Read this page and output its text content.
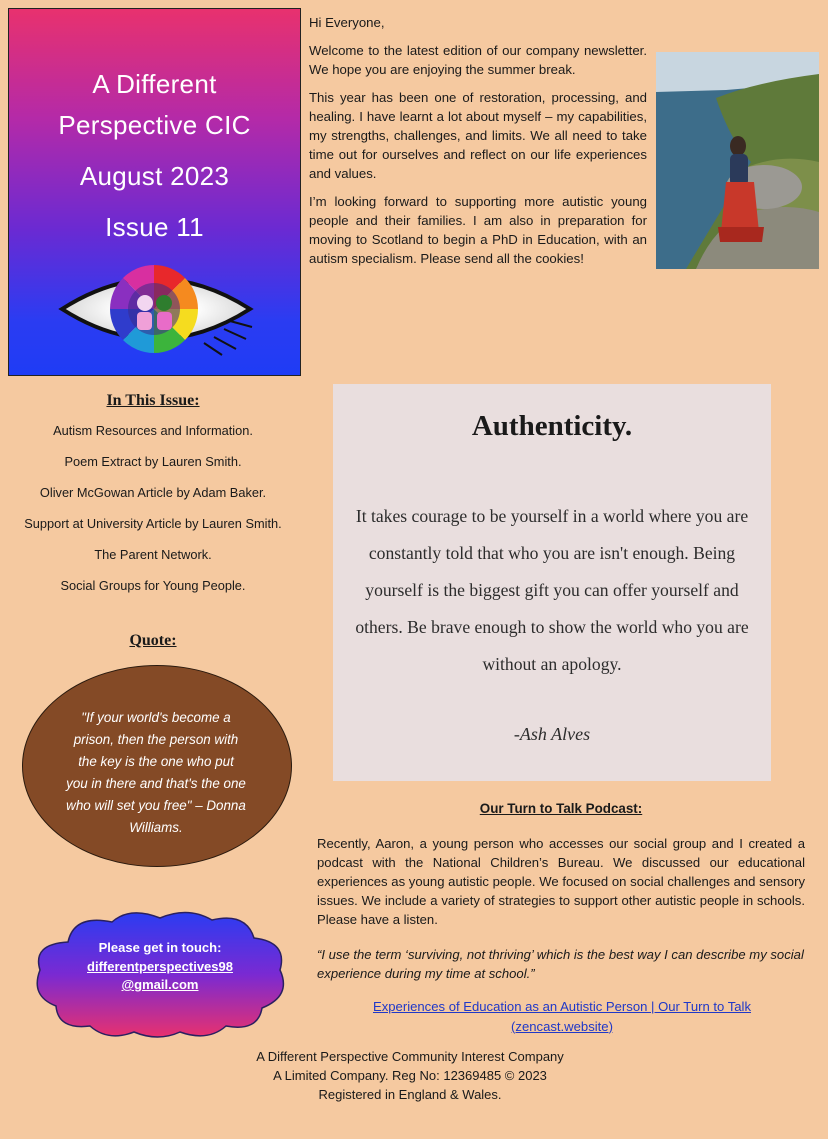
A Different
Perspective CIC
August 2023
Issue 11

Hi Everyone,

Welcome to the latest edition of our company newsletter. We hope you are enjoying the summer break.

This year has been one of restoration, processing, and healing. I have learnt a lot about myself – my capabilities, my strengths, challenges, and limits. We all need to take time out for ourselves and reflect on our life experiences and values.

I’m looking forward to supporting more autistic young people and their families. I am also in preparation for moving to Scotland to begin a PhD in Education, with an autism specialism. Please send all the cookies!

In This Issue:
Autism Resources and Information.
Poem Extract by Lauren Smith.
Oliver McGowan Article by Adam Baker.
Support at University Article by Lauren Smith.
The Parent Network.
Social Groups for Young People.
Quote:
"If your world's become a prison, then the person with the key is the one who put you in there and that's the one who will set you free" – Donna Williams.
Please get in touch:
differentperspectives98
@gmail.com
Authenticity.
It takes courage to be yourself in a world where you are constantly told that who you are isn't enough. Being yourself is the biggest gift you can offer yourself and others. Be brave enough to show the world who you are without an apology.
-Ash Alves
Our Turn to Talk Podcast:
Recently, Aaron, a young person who accesses our social group and I created a podcast with the National Children’s Bureau. We discussed our educational experiences as young autistic people. We focused on social challenges and sensory issues. We include a variety of strategies to support other autistic people in schools. Please have a listen.
“I use the term ‘surviving, not thriving’ which is the best way I can describe my social experience during my time at school.”
Experiences of Education as an Autistic Person | Our Turn to Talk (zencast.website)
A Different Perspective Community Interest Company
A Limited Company. Reg No: 12369485 © 2023
Registered in England & Wales.
